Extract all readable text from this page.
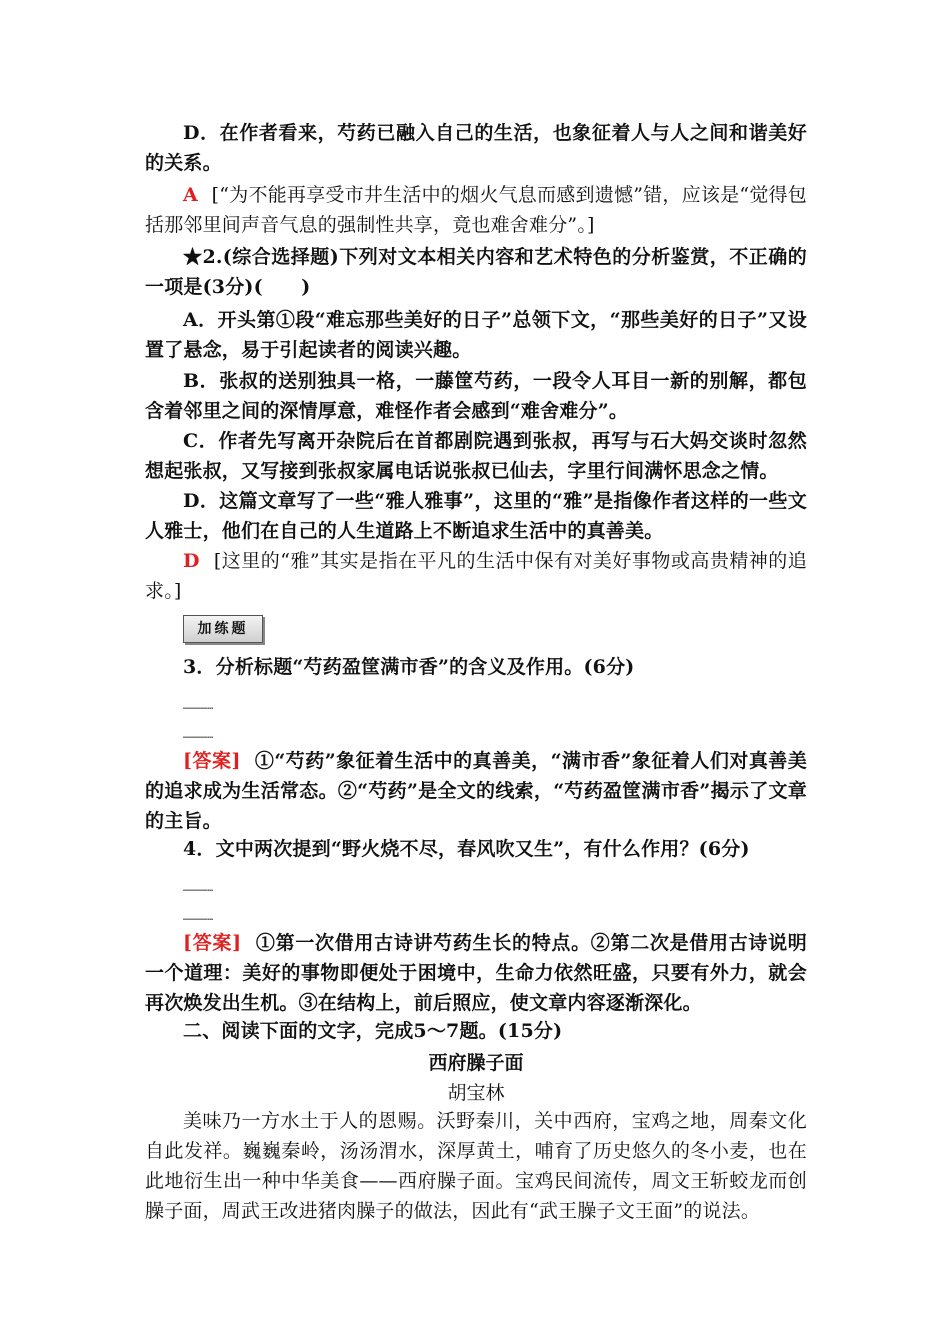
D．在作者看来，芍药已融入自己的生活，也象征着人与人之间和谐美好的关系。
A [“为不能再享受市井生活中的烟火气息而感到遗憾”错，应该是“觉得包括那邻里间声音气息的强制性共享，竟也难舍难分”。]
★2.(综合选择题)下列对文本相关内容和艺术特色的分析鉴赏，不正确的一项是(3分)(　　)
A．开头第①段“难忘那些美好的日子”总领下文，“那些美好的日子”又设置了悬念，易于引起读者的阅读兴趣。
B．张叔的送别独具一格，一藤筐芍药，一段令人耳目一新的别解，都包含着邻里之间的深情厚意，难怪作者会感到“难舍难分”。
C．作者先写离开杂院后在首都剧院遇到张叔，再写与石大妈交谈时忽然想起张叔，又写接到张叔家属电话说张叔已仙去，字里行间满怀思念之情。
D．这篇文章写了一些“雅人雅事”，这里的“雅”是指像作者这样的一些文人雅士，他们在自己的人生道路上不断追求生活中的真善美。
D [这里的“雅”其实是指在平凡的生活中保有对美好事物或高贵精神的追求。]
加练题
3．分析标题“芍药盈筐满市香”的含义及作用。(6分)
……………
……………
[答案] ①“芍药”象征着生活中的真善美，“满市香”象征着人们对真善美的追求成为生活常态。②“芍药”是全文的线索，“芍药盈筐满市香”揭示了文章的主旨。
4．文中两次提到“野火烧不尽，春风吹又生”，有什么作用？(6分)
……………
……………
[答案] ①第一次借用古诗讲芍药生长的特点。②第二次是借用古诗说明一个道理：美好的事物即便处于困境中，生命力依然旺盛，只要有外力，就会再次焕发出生机。③在结构上，前后照应，使文章内容逐渐深化。
二、阅读下面的文字，完成5～7题。(15分)
西府臊子面
胡宝林
美味乃一方水土于人的恩赐。沃野秦川，关中西府，宝鸡之地，周秦文化自此发祥。巍巍秦岭，汤汤渭水，深厚黄土，哺育了历史悠久的冬小麦，也在此地衍生出一种中华美食——西府臊子面。宝鸡民间流传，周文王斩蛟龙而创臊子面，周武王改进猪肉臊子的做法，因此有“武王臊子文王面”的说法。
